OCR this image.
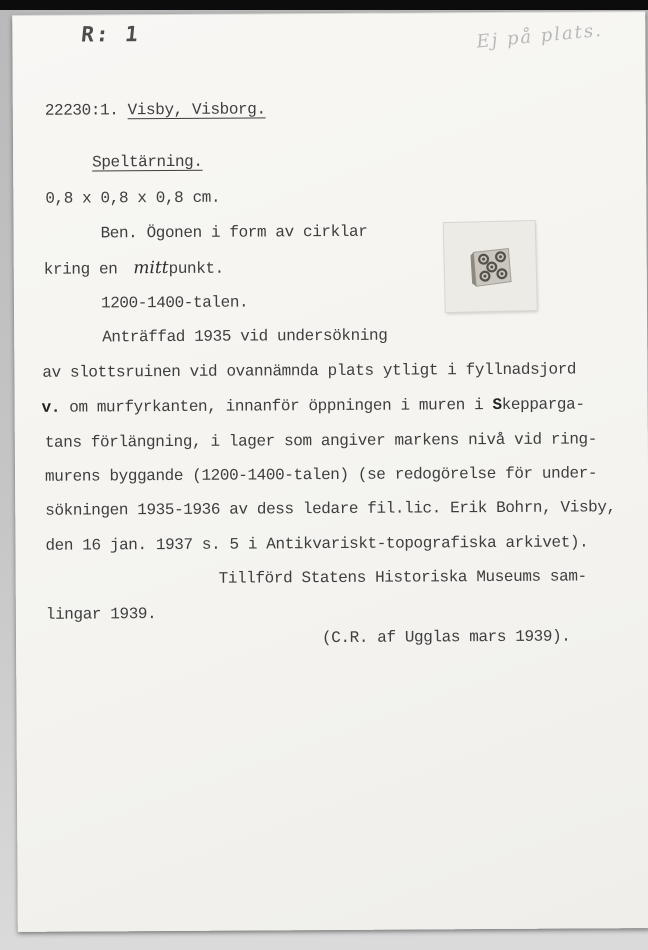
R: 1	Ej på plats.
22230:1. Visby, Visborg.
Speltärning.
0,8 x 0,8 x 0,8 cm.
Ben. Ögonen i form av cirklar
kring en mittpunkt.
1200-1400-talen.
Anträffad 1935 vid undersökning
av slottsruinen vid ovannämnda plats ytligt i fyllnadsjord
v. om murfyrkanten, innanför öppningen i muren i Skepparga-
tans förlängning, i lager som angiver markens nivå vid ring-
murens byggande (1200-1400-talen) (se redogörelse för under-
sökningen 1935-1936 av dess ledare fil.lic. Erik Bohrn, Visby,
den 16 jan. 1937 s. 5 i Antikvariskt-topografiska arkivet).
Tillförd Statens Historiska Museums sam-
lingar 1939.
(C.R. af Ugglas mars 1939).
